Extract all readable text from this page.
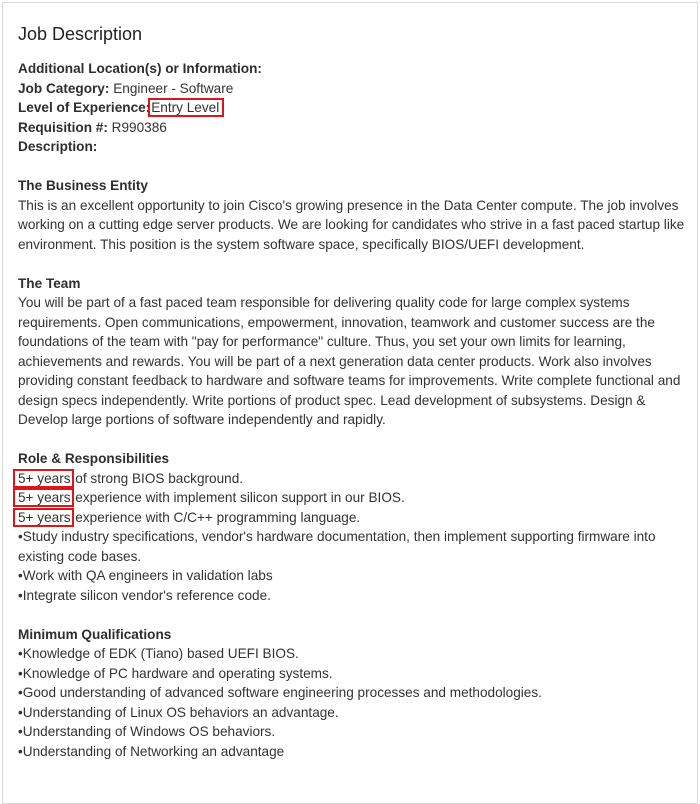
Job Description
Additional Location(s) or Information:
Job Category: Engineer - Software
Level of Experience:Entry Level
Requisition #: R990386
Description:
The Business Entity

This is an excellent opportunity to join Cisco's growing presence in the Data Center compute. The job involves working on a cutting edge server products. We are looking for candidates who strive in a fast paced startup like environment. This position is the system software space, specifically BIOS/UEFI development.

The Team

You will be part of a fast paced team responsible for delivering quality code for large complex systems requirements. Open communications, empowerment, innovation, teamwork and customer success are the foundations of the team with "pay for performance" culture. Thus, you set your own limits for learning, achievements and rewards. You will be part of a next generation data center products. Work also involves providing constant feedback to hardware and software teams for improvements. Write complete functional and design specs independently. Write portions of product spec. Lead development of subsystems. Design & Develop large portions of software independently and rapidly.

Role & Responsibilities
5+ years of strong BIOS background.
5+ years experience with implement silicon support in our BIOS.
5+ years experience with C/C++ programming language.
•Study industry specifications, vendor's hardware documentation, then implement supporting firmware into existing code bases.
•Work with QA engineers in validation labs
•Integrate silicon vendor's reference code.
Minimum Qualifications
•Knowledge of EDK (Tiano) based UEFI BIOS.
•Knowledge of PC hardware and operating systems.
•Good understanding of advanced software engineering processes and methodologies.
•Understanding of Linux OS behaviors an advantage.
•Understanding of Windows OS behaviors.
•Understanding of Networking an advantage
